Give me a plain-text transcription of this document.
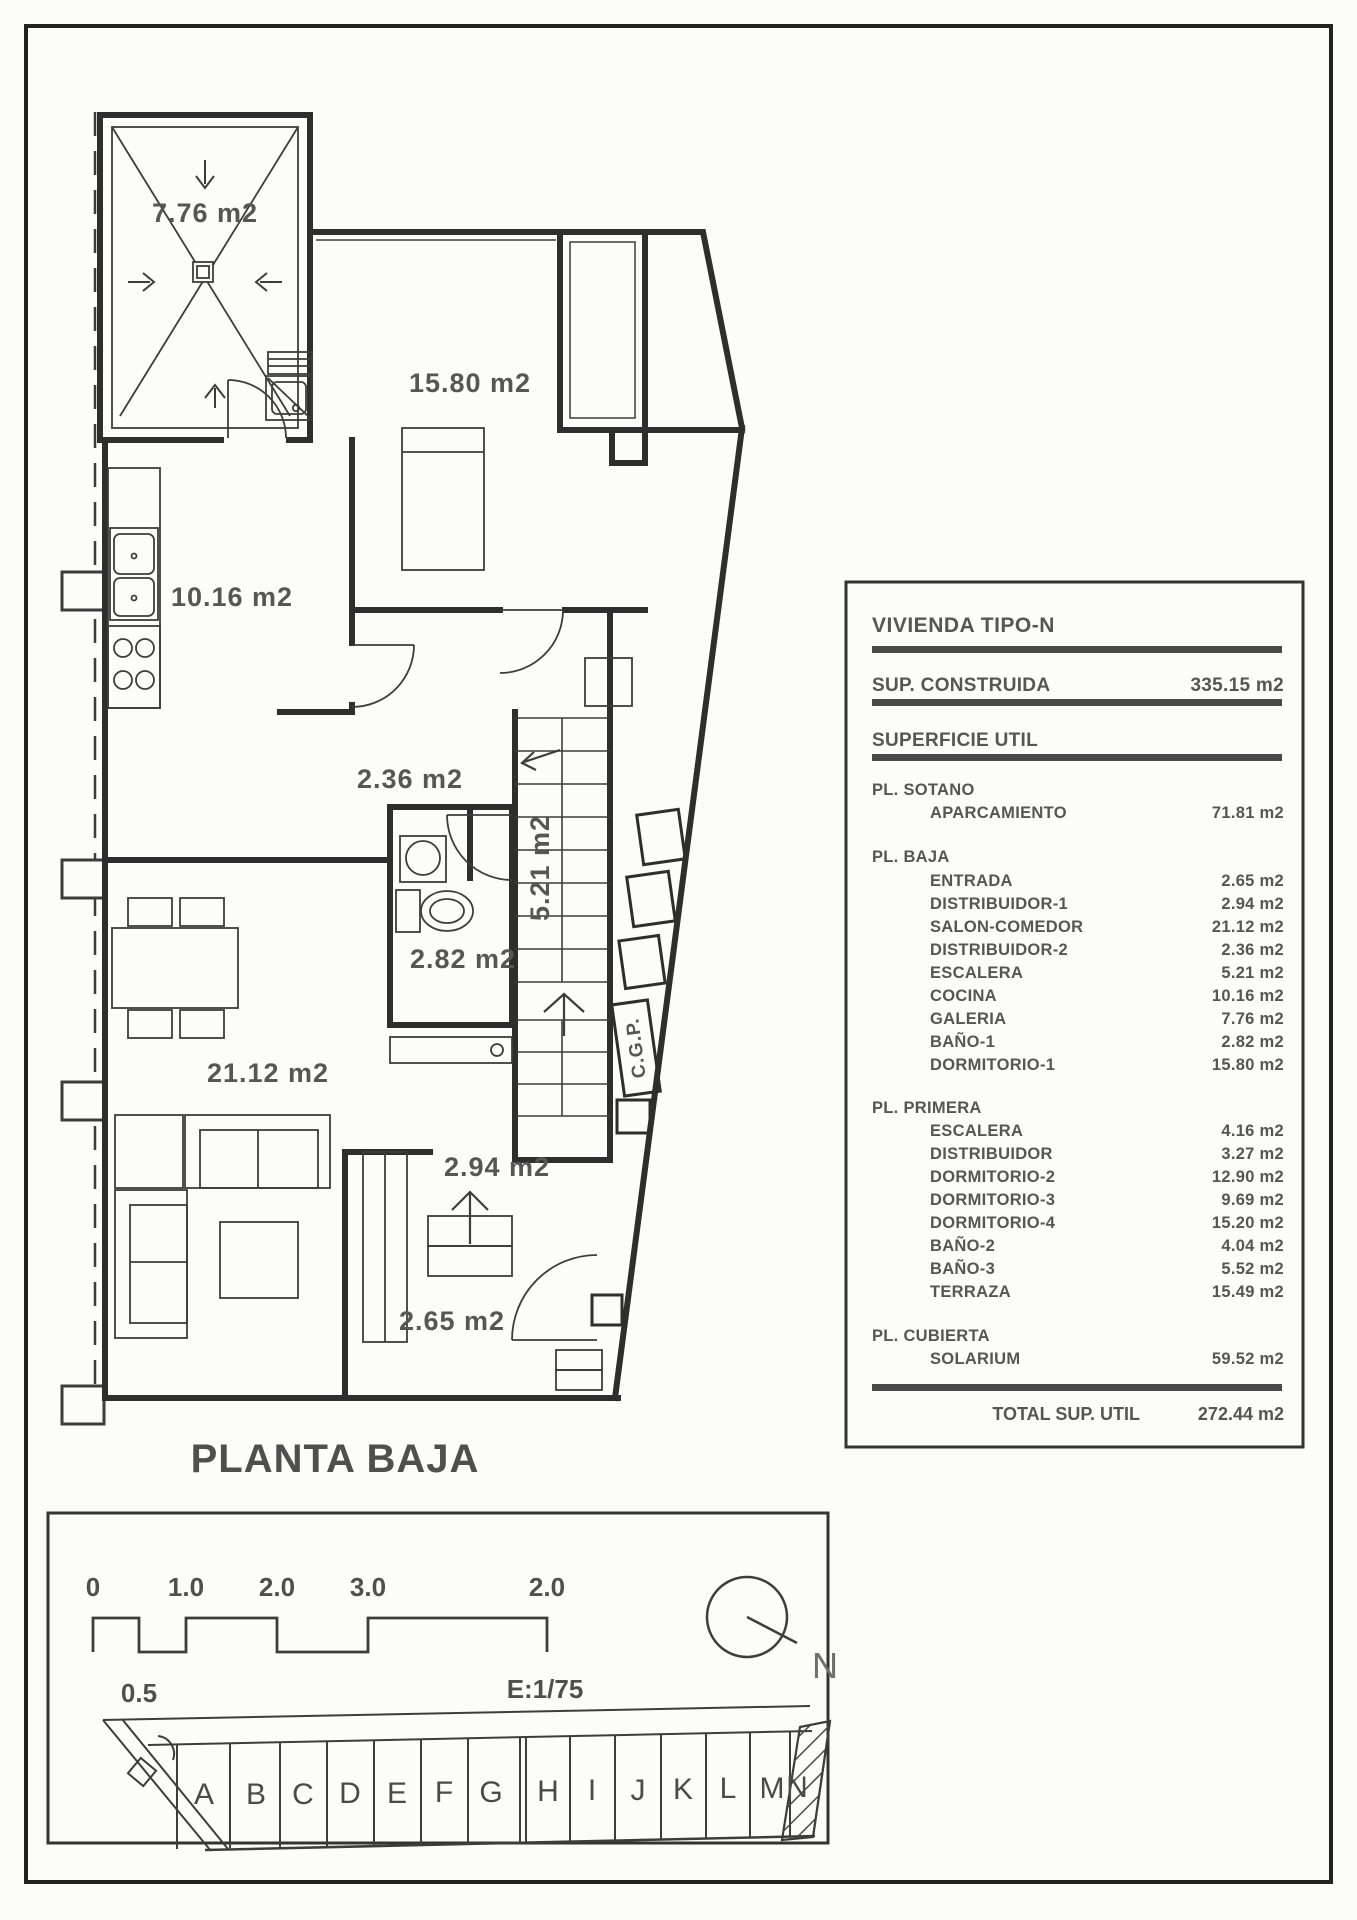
7.76 m2
15.80 m2
10.16 m2
2.36 m2
2.82 m2
21.12 m2
2.94 m2
2.65 m2
5.21 m2
C.G.P.
PLANTA BAJA
VIVIENDA TIPO-N
SUP. CONSTRUIDA	335.15 m2
SUPERFICIE UTIL
PL. SOTANO
APARCAMIENTO	71.81 m2
PL. BAJA
ENTRADA	2.65 m2
DISTRIBUIDOR-1	2.94 m2
SALON-COMEDOR	21.12 m2
DISTRIBUIDOR-2	2.36 m2
ESCALERA	5.21 m2
COCINA	10.16 m2
GALERIA	7.76 m2
BAÑO-1	2.82 m2
DORMITORIO-1	15.80 m2
PL. PRIMERA
ESCALERA	4.16 m2
DISTRIBUIDOR	3.27 m2
DORMITORIO-2	12.90 m2
DORMITORIO-3	9.69 m2
DORMITORIO-4	15.20 m2
BAÑO-2	4.04 m2
BAÑO-3	5.52 m2
TERRAZA	15.49 m2
PL. CUBIERTA
SOLARIUM	59.52 m2
TOTAL SUP. UTIL	272.44 m2
0	1.0 2.0 3.0	2.0
0.5	E:1/75
N
A B C D E F G H I J K L M N
